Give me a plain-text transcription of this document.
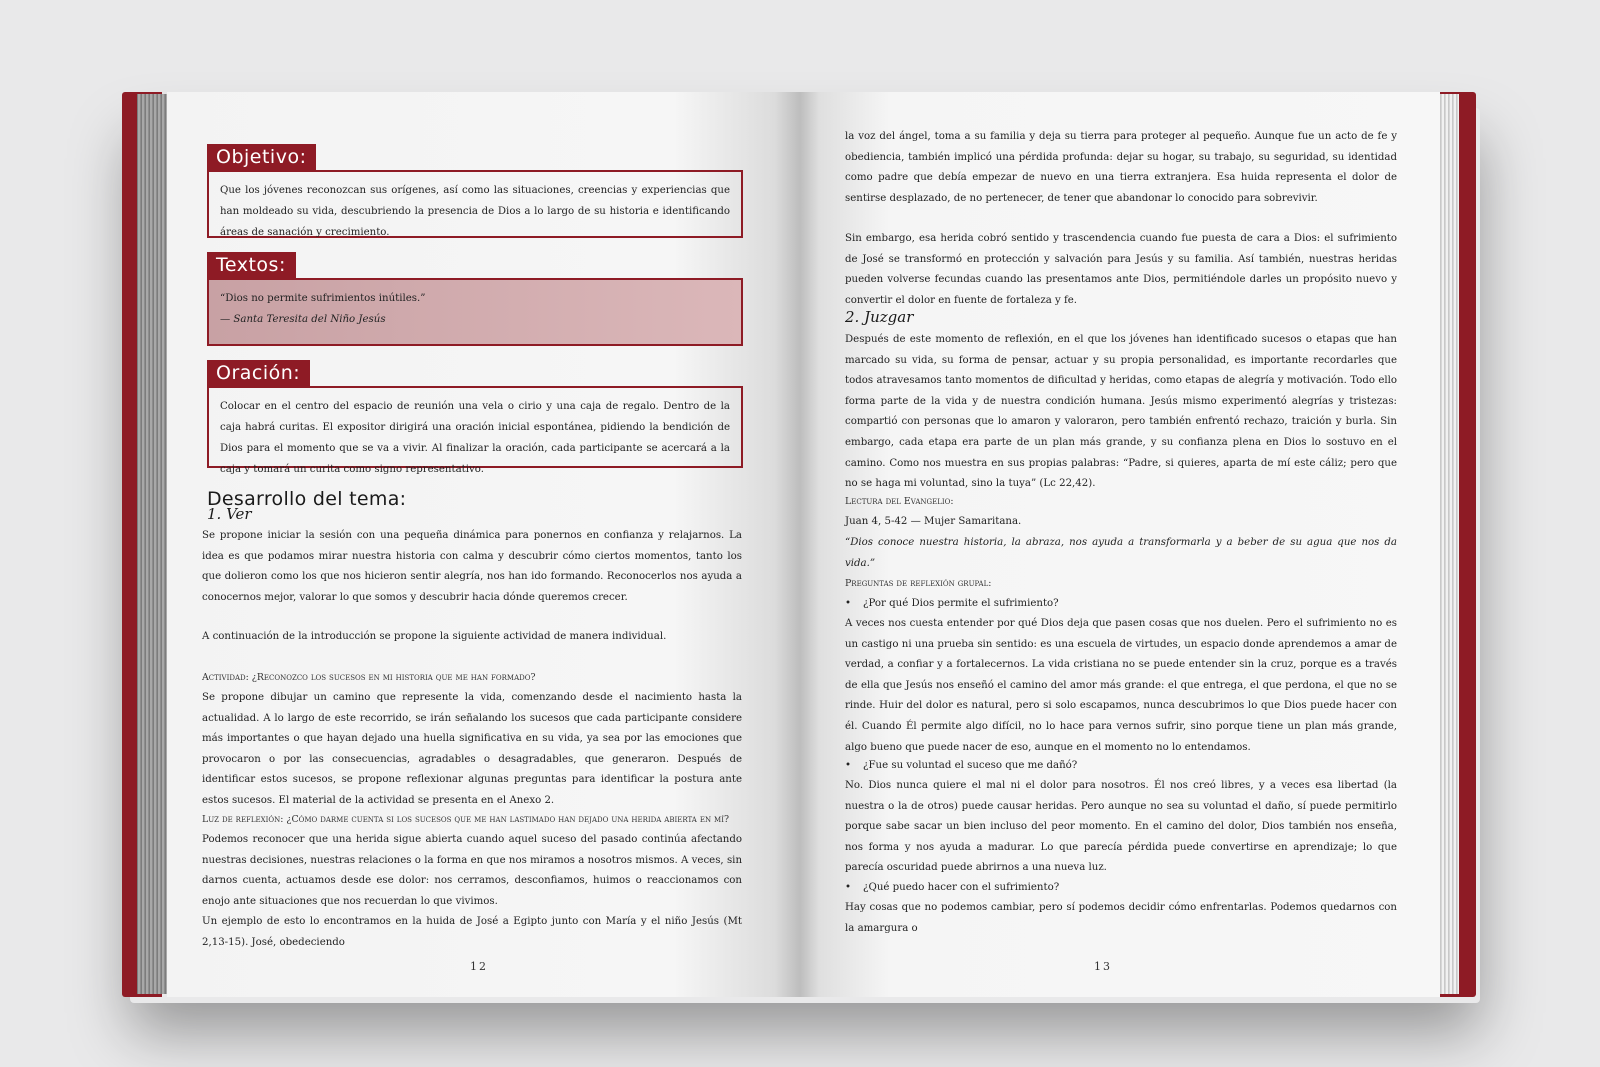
Objetivo:
Que los jóvenes reconozcan sus orígenes, así como las situaciones, creencias y experiencias que han moldeado su vida, descubriendo la presencia de Dios a lo largo de su historia e identificando áreas de sanación y crecimiento.
Textos:
“Dios no permite sufrimientos inútiles.”
— Santa Teresita del Niño Jesús
Oración:
Colocar en el centro del espacio de reunión una vela o cirio y una caja de regalo. Dentro de la caja habrá curitas. El expositor dirigirá una oración inicial espontánea, pidiendo la bendición de Dios para el momento que se va a vivir. Al finalizar la oración, cada participante se acercará a la caja y tomará un curita como signo representativo.
Desarrollo del tema:
1. Ver

Se propone iniciar la sesión con una pequeña dinámica para ponernos en confianza y relajarnos. La idea es que podamos mirar nuestra historia con calma y descubrir cómo ciertos momentos, tanto los que dolieron como los que nos hicieron sentir alegría, nos han ido formando. Reconocerlos nos ayuda a conocernos mejor, valorar lo que somos y descubrir hacia dónde queremos crecer.

A continuación de la introducción se propone la siguiente actividad de manera individual.

Actividad: ¿Reconozco los sucesos en mi historia que me han formado?

Se propone dibujar un camino que represente la vida, comenzando desde el nacimiento hasta la actualidad. A lo largo de este recorrido, se irán señalando los sucesos que cada participante considere más importantes o que hayan dejado una huella significativa en su vida, ya sea por las emociones que provocaron o por las consecuencias, agradables o desagradables, que generaron. Después de identificar estos sucesos, se propone reflexionar algunas preguntas para identificar la postura ante estos sucesos. El material de la actividad se presenta en el Anexo 2.

Luz de reflexión: ¿Cómo darme cuenta si los sucesos que me han lastimado han dejado una herida abierta en mí?

Podemos reconocer que una herida sigue abierta cuando aquel suceso del pasado continúa afectando nuestras decisiones, nuestras relaciones o la forma en que nos miramos a nosotros mismos. A veces, sin darnos cuenta, actuamos desde ese dolor: nos cerramos, desconfiamos, huimos o reaccionamos con enojo ante situaciones que nos recuerdan lo que vivimos.

Un ejemplo de esto lo encontramos en la huida de José a Egipto junto con María y el niño Jesús (Mt 2,13-15). José, obedeciendo

12

la voz del ángel, toma a su familia y deja su tierra para proteger al pequeño. Aunque fue un acto de fe y obediencia, también implicó una pérdida profunda: dejar su hogar, su trabajo, su seguridad, su identidad como padre que debía empezar de nuevo en una tierra extranjera. Esa huida representa el dolor de sentirse desplazado, de no pertenecer, de tener que abandonar lo conocido para sobrevivir.

Sin embargo, esa herida cobró sentido y trascendencia cuando fue puesta de cara a Dios: el sufrimiento de José se transformó en protección y salvación para Jesús y su familia. Así también, nuestras heridas pueden volverse fecundas cuando las presentamos ante Dios, permitiéndole darles un propósito nuevo y convertir el dolor en fuente de fortaleza y fe.

2. Juzgar

Después de este momento de reflexión, en el que los jóvenes han identificado sucesos o etapas que han marcado su vida, su forma de pensar, actuar y su propia personalidad, es importante recordarles que todos atravesamos tanto momentos de dificultad y heridas, como etapas de alegría y motivación. Todo ello forma parte de la vida y de nuestra condición humana. Jesús mismo experimentó alegrías y tristezas: compartió con personas que lo amaron y valoraron, pero también enfrentó rechazo, traición y burla. Sin embargo, cada etapa era parte de un plan más grande, y su confianza plena en Dios lo sostuvo en el camino. Como nos muestra en sus propias palabras: “Padre, si quieres, aparta de mí este cáliz; pero que no se haga mi voluntad, sino la tuya” (Lc 22,42).

Lectura del Evangelio:
Juan 4, 5-42 — Mujer Samaritana.
“Dios conoce nuestra historia, la abraza, nos ayuda a transformarla y a beber de su agua que nos da vida.”
Preguntas de reflexión grupal:
• ¿Por qué Dios permite el sufrimiento?

A veces nos cuesta entender por qué Dios deja que pasen cosas que nos duelen. Pero el sufrimiento no es un castigo ni una prueba sin sentido: es una escuela de virtudes, un espacio donde aprendemos a amar de verdad, a confiar y a fortalecernos. La vida cristiana no se puede entender sin la cruz, porque es a través de ella que Jesús nos enseñó el camino del amor más grande: el que entrega, el que perdona, el que no se rinde. Huir del dolor es natural, pero si solo escapamos, nunca descubrimos lo que Dios puede hacer con él. Cuando Él permite algo difícil, no lo hace para vernos sufrir, sino porque tiene un plan más grande, algo bueno que puede nacer de eso, aunque en el momento no lo entendamos.

• ¿Fue su voluntad el suceso que me dañó?

No. Dios nunca quiere el mal ni el dolor para nosotros. Él nos creó libres, y a veces esa libertad (la nuestra o la de otros) puede causar heridas. Pero aunque no sea su voluntad el daño, sí puede permitirlo porque sabe sacar un bien incluso del peor momento. En el camino del dolor, Dios también nos enseña, nos forma y nos ayuda a madurar. Lo que parecía pérdida puede convertirse en aprendizaje; lo que parecía oscuridad puede abrirnos a una nueva luz.

• ¿Qué puedo hacer con el sufrimiento?

Hay cosas que no podemos cambiar, pero sí podemos decidir cómo enfrentarlas. Podemos quedarnos con la amargura o

13
